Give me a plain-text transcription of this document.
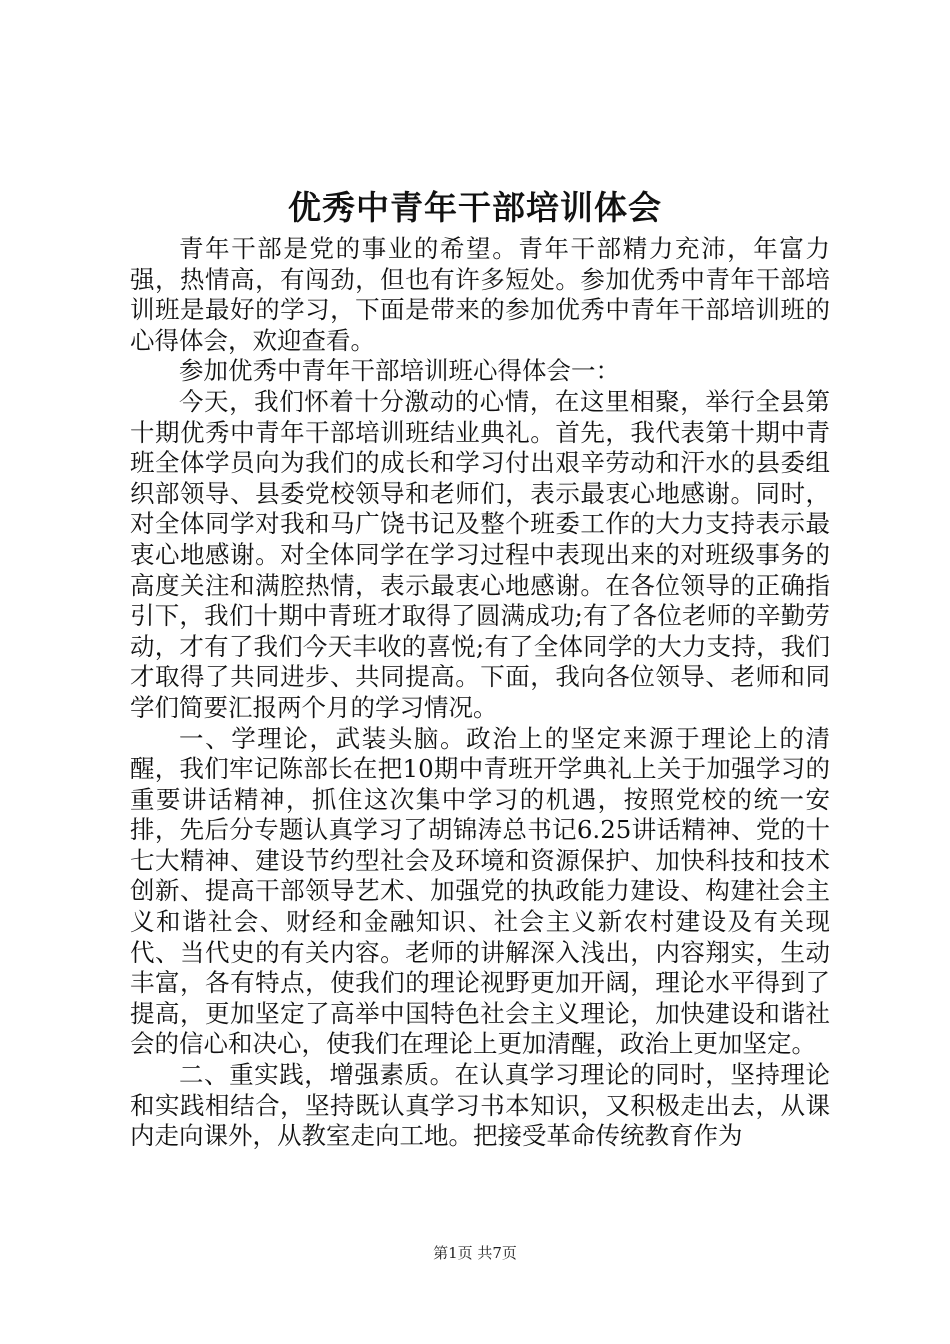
优秀中青年干部培训体会

青年干部是党的事业的希望。青年干部精力充沛，年富力强，热情高，有闯劲，但也有许多短处。参加优秀中青年干部培训班是最好的学习，下面是带来的参加优秀中青年干部培训班的心得体会，欢迎查看。

参加优秀中青年干部培训班心得体会一：

今天，我们怀着十分激动的心情，在这里相聚，举行全县第十期优秀中青年干部培训班结业典礼。首先，我代表第十期中青班全体学员向为我们的成长和学习付出艰辛劳动和汗水的县委组织部领导、县委党校领导和老师们，表示最衷心地感谢。同时，对全体同学对我和马广饶书记及整个班委工作的大力支持表示最衷心地感谢。对全体同学在学习过程中表现出来的对班级事务的高度关注和满腔热情，表示最衷心地感谢。在各位领导的正确指引下，我们十期中青班才取得了圆满成功;有了各位老师的辛勤劳动，才有了我们今天丰收的喜悦;有了全体同学的大力支持，我们才取得了共同进步、共同提高。下面，我向各位领导、老师和同学们简要汇报两个月的学习情况。

一、学理论，武装头脑。政治上的坚定来源于理论上的清醒，我们牢记陈部长在把10期中青班开学典礼上关于加强学习的重要讲话精神，抓住这次集中学习的机遇，按照党校的统一安排，先后分专题认真学习了胡锦涛总书记6.25讲话精神、党的十七大精神、建设节约型社会及环境和资源保护、加快科技和技术创新、提高干部领导艺术、加强党的执政能力建设、构建社会主义和谐社会、财经和金融知识、社会主义新农村建设及有关现代、当代史的有关内容。老师的讲解深入浅出，内容翔实，生动丰富，各有特点，使我们的理论视野更加开阔，理论水平得到了提高，更加坚定了高举中国特色社会主义理论，加快建设和谐社会的信心和决心，使我们在理论上更加清醒，政治上更加坚定。

二、重实践，增强素质。在认真学习理论的同时，坚持理论和实践相结合，坚持既认真学习书本知识，又积极走出去，从课内走向课外，从教室走向工地。把接受革命传统教育作为

第1页 共7页
